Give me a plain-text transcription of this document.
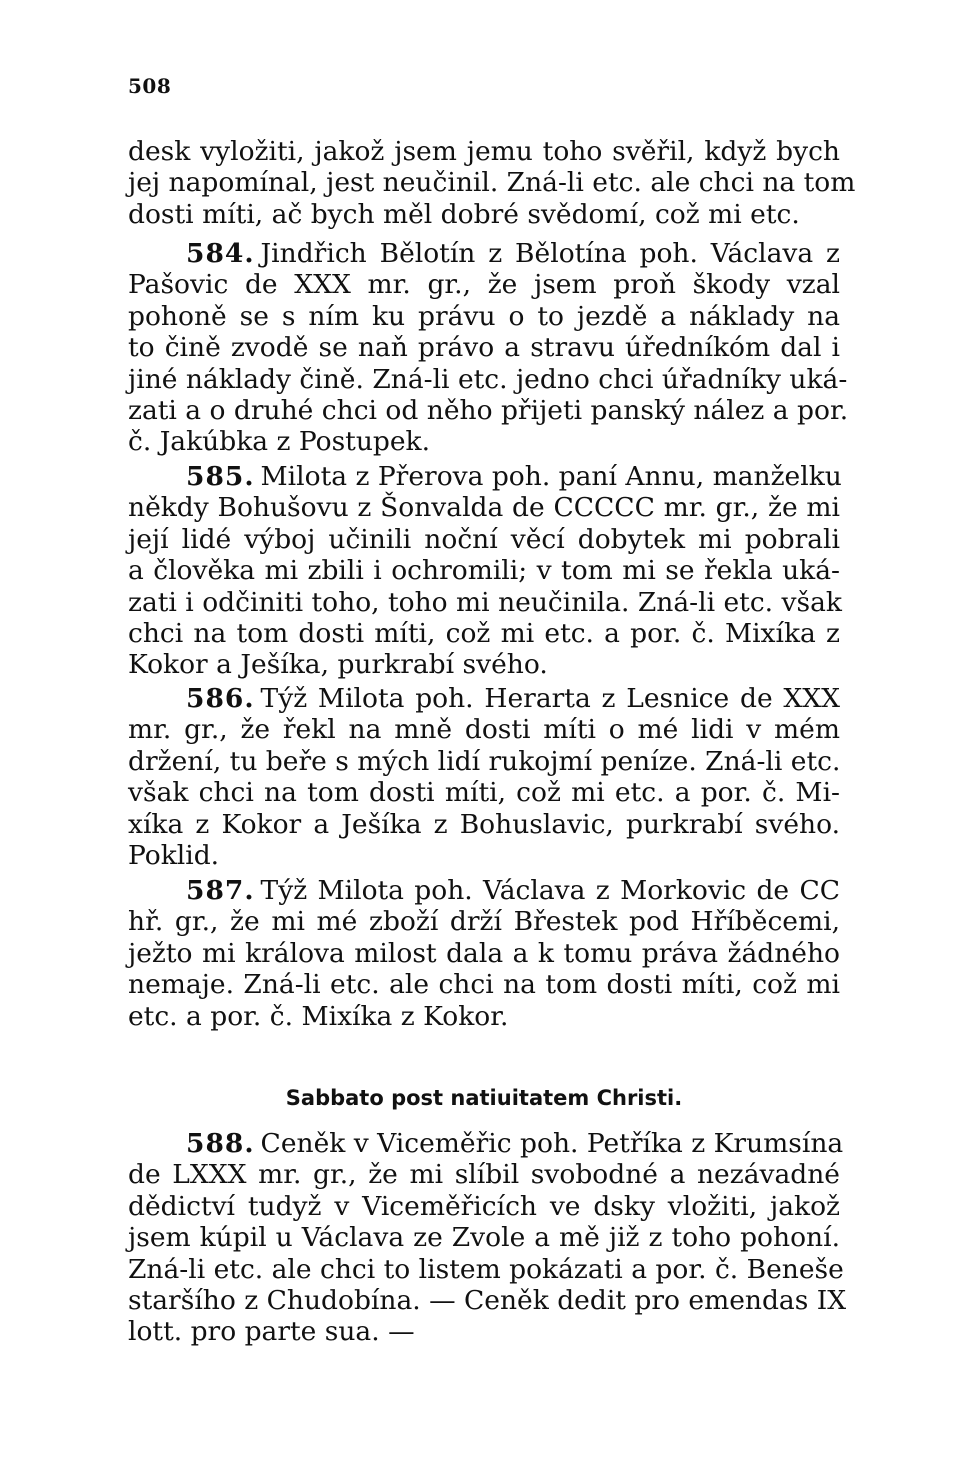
508
desk vyložiti, jakož jsem jemu toho svěřil, když bych
jej napomínal, jest neučinil. Zná-li etc. ale chci na tom
dosti míti, ač bych měl dobré svědomí, což mi etc.
584. Jindřich Bělotín z Bělotína poh. Václava z
Pašovic de XXX mr. gr., že jsem proň škody vzal
pohoně se s ním ku právu o to jezdě a náklady na
to čině zvodě se naň právo a stravu úředníkóm dal i
jiné náklady čině. Zná-li etc. jedno chci úřadníky uká-
zati a o druhé chci od něho přijeti panský nález a por.
č. Jakúbka z Postupek.
585. Milota z Přerova poh. paní Annu, manželku
někdy Bohušovu z Šonvalda de CCCCC mr. gr., že mi
její lidé výboj učinili noční věcí dobytek mi pobrali
a člověka mi zbili i ochromili; v tom mi se řekla uká-
zati i odčiniti toho, toho mi neučinila. Zná-li etc. však
chci na tom dosti míti, což mi etc. a por. č. Mixíka z
Kokor a Ješíka, purkrabí svého.
586. Týž Milota poh. Herarta z Lesnice de XXX
mr. gr., že řekl na mně dosti míti o mé lidi v mém
držení, tu beře s mých lidí rukojmí peníze. Zná-li etc.
však chci na tom dosti míti, což mi etc. a por. č. Mi-
xíka z Kokor a Ješíka z Bohuslavic, purkrabí svého.
Poklid.
587. Týž Milota poh. Václava z Morkovic de CC
hř. gr., že mi mé zboží drží Břestek pod Hříběcemi,
ježto mi králova milost dala a k tomu práva žádného
nemaje. Zná-li etc. ale chci na tom dosti míti, což mi
etc. a por. č. Mixíka z Kokor.
Sabbato post natiuitatem Christi.
588. Ceněk v Viceměřic poh. Petříka z Krumsína
de LXXX mr. gr., že mi slíbil svobodné a nezávadné
dědictví tudyž v Viceměřicích ve dsky vložiti, jakož
jsem kúpil u Václava ze Zvole a mě již z toho pohoní.
Zná-li etc. ale chci to listem pokázati a por. č. Beneše
staršího z Chudobína. — Ceněk dedit pro emendas IX
lott. pro parte sua. —
